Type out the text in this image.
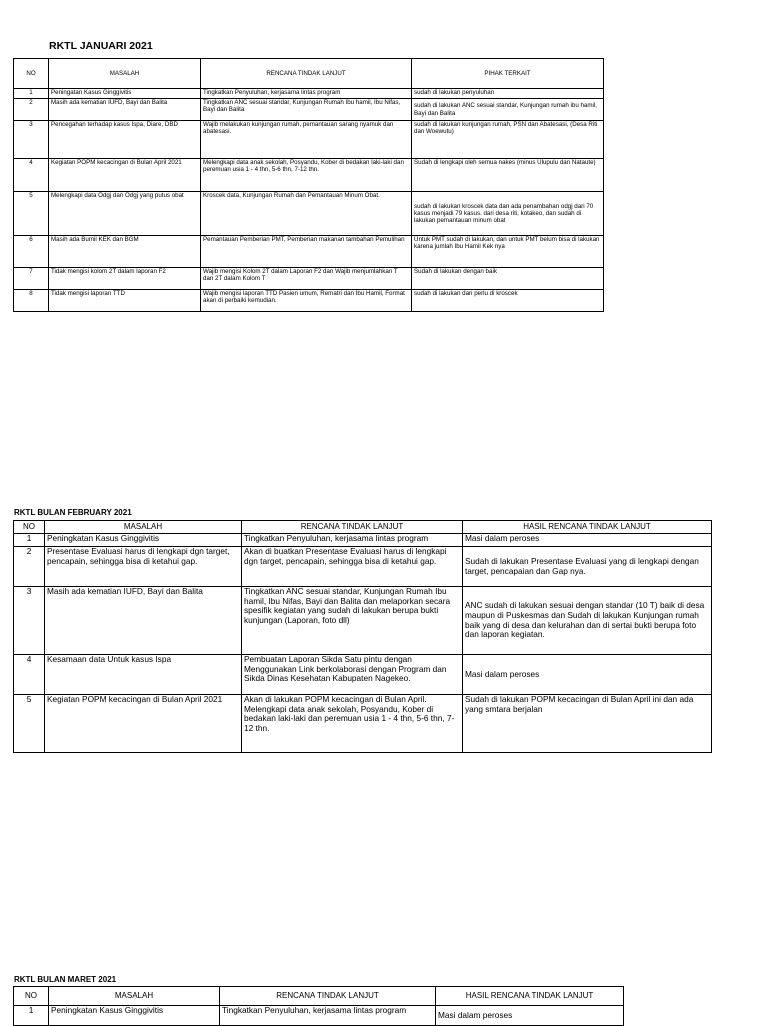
RKTL JANUARI 2021
NO	MASALAH	RENCANA TINDAK LANJUT	PIHAK TERKAIT
1	Peningatan Kasus Ginggivitis	Tingkatkan Penyuluhan, kerjasama lintas program	sudah di lakukan penyuluhan
2	Masih ada kematian IUFD, Bayi dan Balita	Tingkatkan ANC sesuai standar, Kunjungan Rumah Ibu hamil, Ibu Nifas, Bayi dan Balita	sudah di lakukan ANC sesuai standar, Kunjungan rumah ibu hamil, Bayi dan Balita
3	Pencegahan terhadap kasus Ispa, Diare, DBD	Wajib melakukan kunjungan rumah, pemantauan sarang nyamuk dan abatesasi.	sudah di lakukan kunjungan rumah, PSN dan Abatesasi, (Desa Riti dan Woewutu)
4	Kegiatan POPM kecacingan di Bulan April 2021	Melengkapi data anak sekolah, Posyandu, Kober di bedakan laki-laki dan peremuan usia 1 - 4 thn, 5-6 thn, 7-12 thn.	Sudah di lengkapi oleh semua nakes (minus Ulupulu dan Nataute)
5	Melengkapi data Odgj dan Odgj yang putus obat	Kroscek data, Kunjungan Rumah dan Pemantauan Minum Obat.	sudah di lakukan kroscek data dan ada penambahan odgj dari 70 kasus menjadi 79 kasus. dari desa riti, kotakeo, dan sudah di lakukan pemantauan minum obat
6	Masih ada Bumil KEK dan BGM	Pemantauan Pemberian PMT, Pemberian makanan tambahan Pemulihan	Untuk PMT sudah di lakukan, dan untuk PMT belum bisa di lakukan karena jumlah Ibu Hamil Kek nya
7	Tidak mengisi kolom 2T dalam laporan F2	Wajib mengisi Kolom 2T dalam Laporan F2 dan Wajib menjumlahkan T dan 2T dalam Kolom T	Sudah di lakukan dengan baik
8	Tidak mengisi laporan TTD	Wajib mengisi laporan TTD Pasien umum, Rematri dan Ibu Hamil, Format akan di perbaiki kemudian.	sudah di lakukan dan perlu di kroscek
RKTL BULAN FEBRUARY 2021
NO	MASALAH	RENCANA TINDAK LANJUT	HASIL RENCANA TINDAK LANJUT
1	Peningkatan Kasus Ginggivitis	Tingkatkan Penyuluhan, kerjasama lintas program	Masi dalam peroses
2	Presentase Evaluasi harus di lengkapi dgn target, pencapain, sehingga bisa di ketahui gap.	Akan di buatkan Presentase Evaluasi harus di lengkapi dgn target, pencapain, sehingga bisa di ketahui gap.	Sudah di lakukan Presentase Evaluasi yang di lengkapi dengan target, pencapaian dan Gap nya.
3	Masih ada kematian IUFD, Bayi dan Balita	Tingkatkan ANC sesuai standar, Kunjungan Rumah Ibu hamil, Ibu Nifas, Bayi dan Balita dan melaporkan secara spesifik kegiatan yang sudah di lakukan berupa bukti kunjungan (Laporan, foto dll)	ANC sudah di lakukan sesuai dengan standar (10 T) baik di desa maupun di Puskesmas dan Sudah di lakukan Kunjungan rumah baik yang di desa dan kelurahan dan di sertai bukti berupa foto dan laporan kegiatan.
4	Kesamaan data Untuk kasus Ispa	Pembuatan Laporan Sikda Satu pintu dengan Menggunakan Link berkolaborasi dengan Program dan Sikda Dinas Kesehatan Kabupaten Nagekeo.	Masi dalam peroses
5	Kegiatan POPM kecacingan di Bulan April 2021	Akan di lakukan POPM kecacingan di Bulan April. Melengkapi data anak sekolah, Posyandu, Kober di bedakan laki-laki dan peremuan usia 1 - 4 thn, 5-6 thn, 7-12 thn.	Sudah di lakukan POPM kecacingan di Bulan April ini dan ada yang smtara berjalan
RKTL BULAN MARET 2021
NO	MASALAH	RENCANA TINDAK LANJUT	HASIL RENCANA TINDAK LANJUT
1	Peningkatan Kasus Ginggivitis	Tingkatkan Penyuluhan, kerjasama lintas program	Masi dalam peroses
